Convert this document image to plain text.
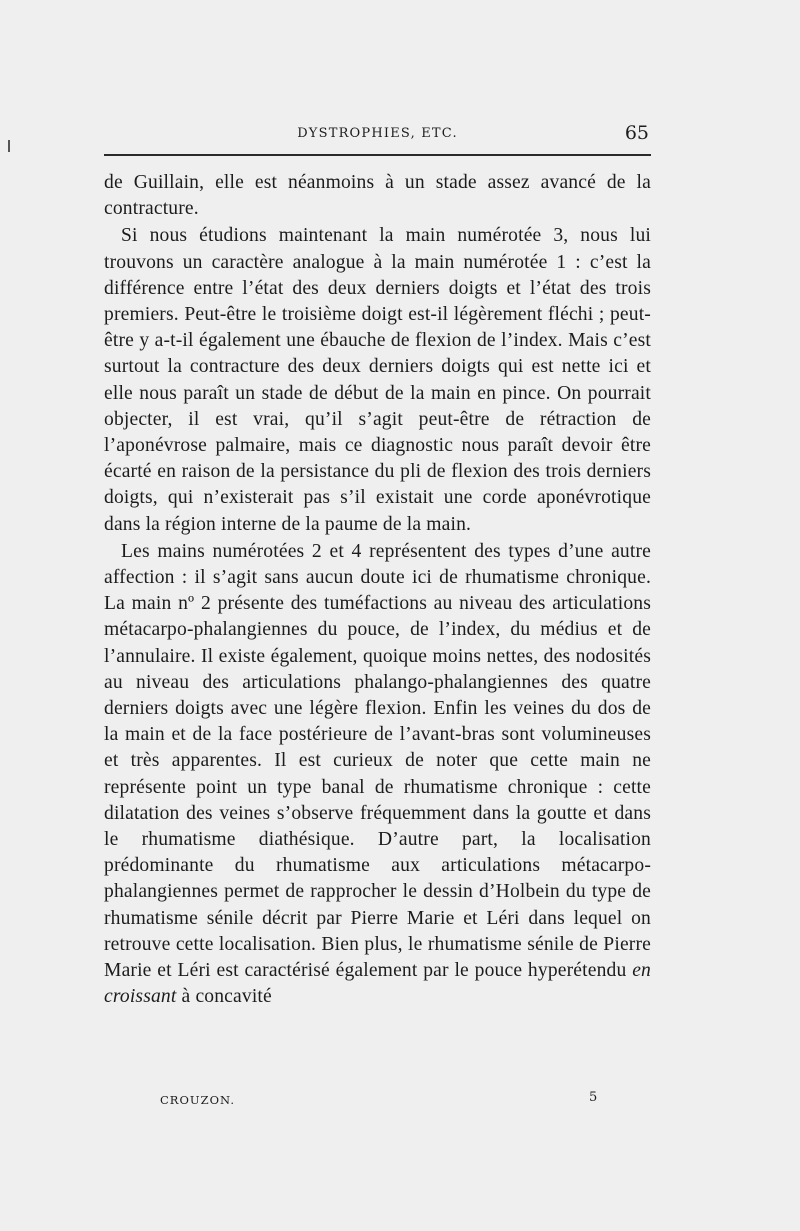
DYSTROPHIES, ETC.	65

de Guillain, elle est néanmoins à un stade assez avancé de la contracture.

Si nous étudions maintenant la main numérotée 3, nous lui trouvons un caractère analogue à la main numérotée 1 : c’est la différence entre l’état des deux derniers doigts et l’état des trois premiers. Peut-être le troisième doigt est-il légèrement fléchi ; peut-être y a-t-il également une ébauche de flexion de l’index. Mais c’est surtout la contracture des deux derniers doigts qui est nette ici et elle nous paraît un stade de début de la main en pince. On pourrait objecter, il est vrai, qu’il s’agit peut-être de rétraction de l’aponévrose palmaire, mais ce diagnostic nous paraît devoir être écarté en raison de la persistance du pli de flexion des trois derniers doigts, qui n’existerait pas s’il existait une corde aponévrotique dans la région interne de la paume de la main.

Les mains numérotées 2 et 4 représentent des types d’une autre affection : il s’agit sans aucun doute ici de rhumatisme chronique. La main nº 2 présente des tuméfactions au niveau des articulations métacarpo-phalangiennes du pouce, de l’index, du médius et de l’annulaire. Il existe également, quoique moins nettes, des nodosités au niveau des articulations phalango-phalangiennes des quatre derniers doigts avec une légère flexion. Enfin les veines du dos de la main et de la face postérieure de l’avant-bras sont volumineuses et très apparentes. Il est curieux de noter que cette main ne représente point un type banal de rhumatisme chronique : cette dilatation des veines s’observe fréquemment dans la goutte et dans le rhumatisme diathésique. D’autre part, la localisation prédominante du rhumatisme aux articulations métacarpo-phalangiennes permet de rapprocher le dessin d’Holbein du type de rhumatisme sénile décrit par Pierre Marie et Léri dans lequel on retrouve cette localisation. Bien plus, le rhumatisme sénile de Pierre Marie et Léri est caractérisé également par le pouce hyperétendu en croissant à concavité

CROUZON.	5
